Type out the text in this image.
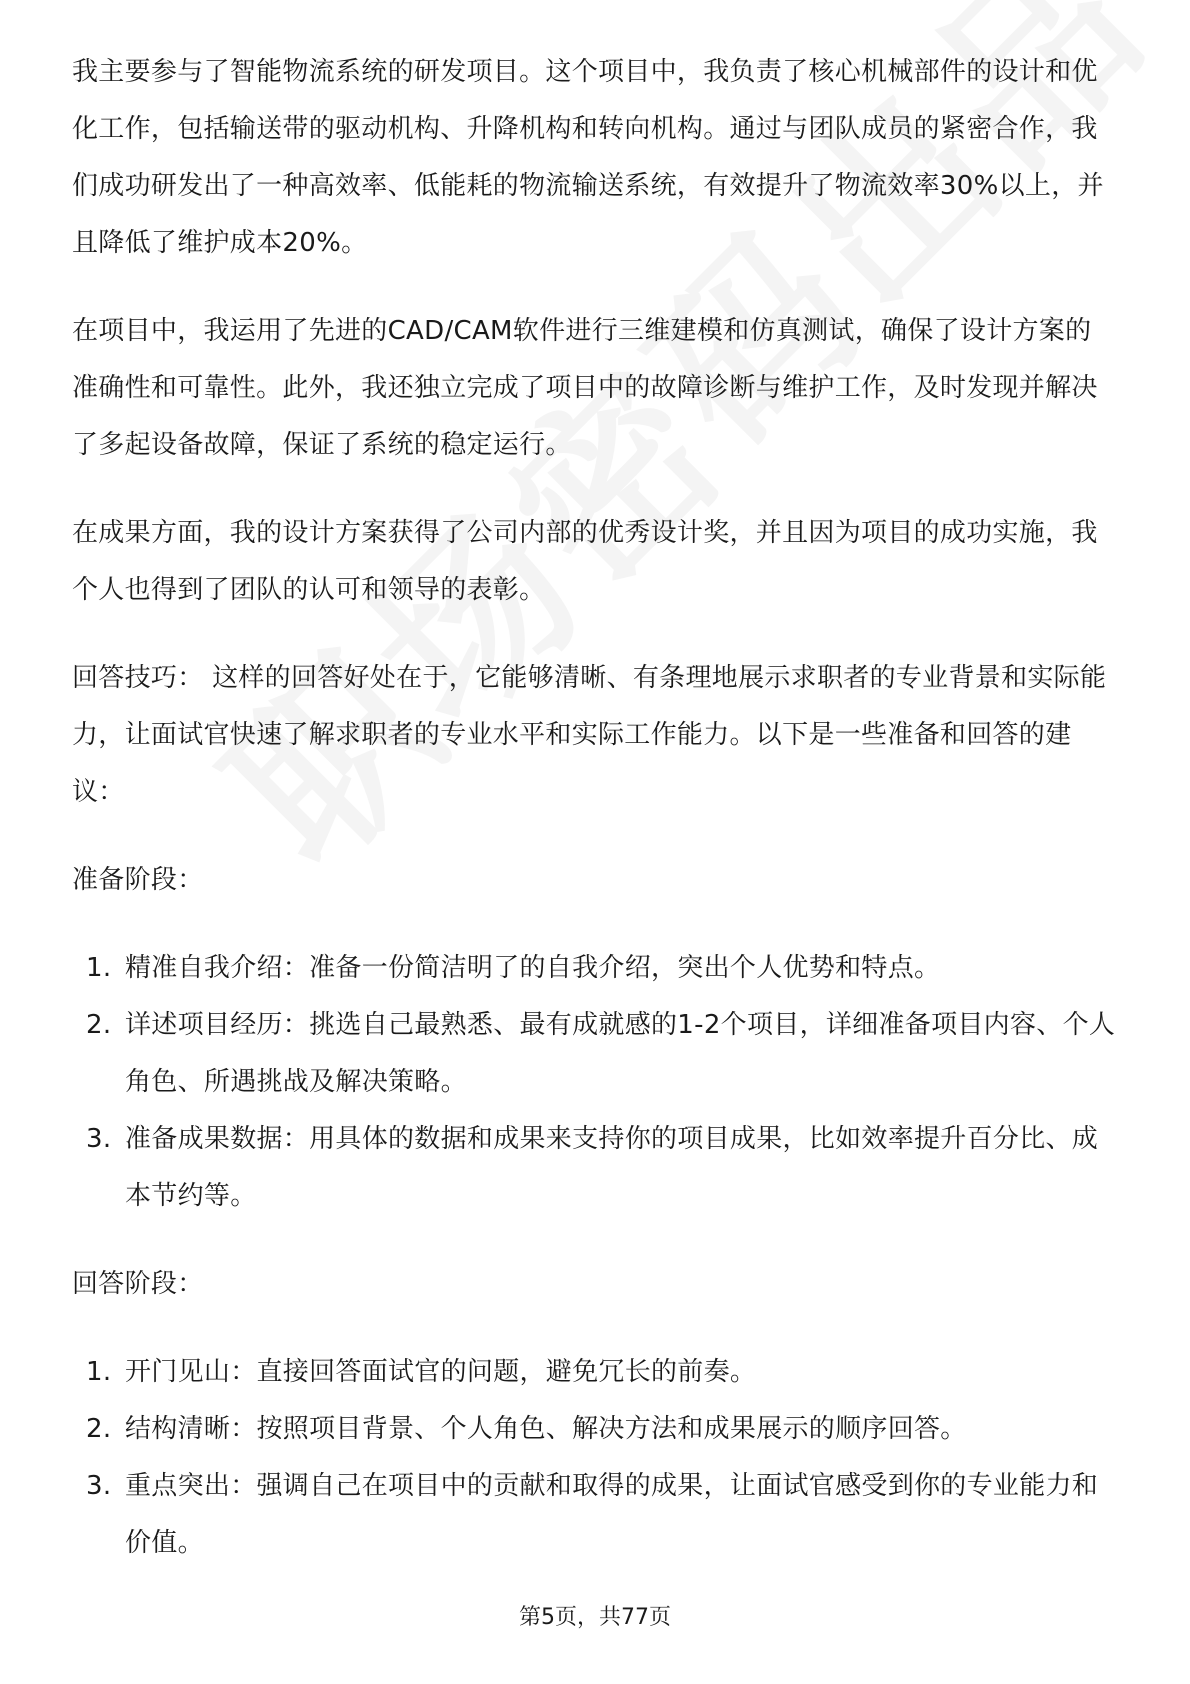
我主要参与了智能物流系统的研发项目。这个项目中，我负责了核心机械部件的设计和优化工作，包括输送带的驱动机构、升降机构和转向机构。通过与团队成员的紧密合作，我们成功研发出了一种高效率、低能耗的物流输送系统，有效提升了物流效率30%以上，并且降低了维护成本20%。

在项目中，我运用了先进的CAD/CAM软件进行三维建模和仿真测试，确保了设计方案的准确性和可靠性。此外，我还独立完成了项目中的故障诊断与维护工作，及时发现并解决了多起设备故障，保证了系统的稳定运行。

在成果方面，我的设计方案获得了公司内部的优秀设计奖，并且因为项目的成功实施，我个人也得到了团队的认可和领导的表彰。

回答技巧： 这样的回答好处在于，它能够清晰、有条理地展示求职者的专业背景和实际能力，让面试官快速了解求职者的专业水平和实际工作能力。以下是一些准备和回答的建议：

准备阶段：

1. 精准自我介绍：准备一份简洁明了的自我介绍，突出个人优势和特点。
2. 详述项目经历：挑选自己最熟悉、最有成就感的1-2个项目，详细准备项目内容、个人角色、所遇挑战及解决策略。
3. 准备成果数据：用具体的数据和成果来支持你的项目成果，比如效率提升百分比、成本节约等。

回答阶段：

1. 开门见山：直接回答面试官的问题，避免冗长的前奏。
2. 结构清晰：按照项目背景、个人角色、解决方法和成果展示的顺序回答。
3. 重点突出：强调自己在项目中的贡献和取得的成果，让面试官感受到你的专业能力和价值。
第5页，共77页
